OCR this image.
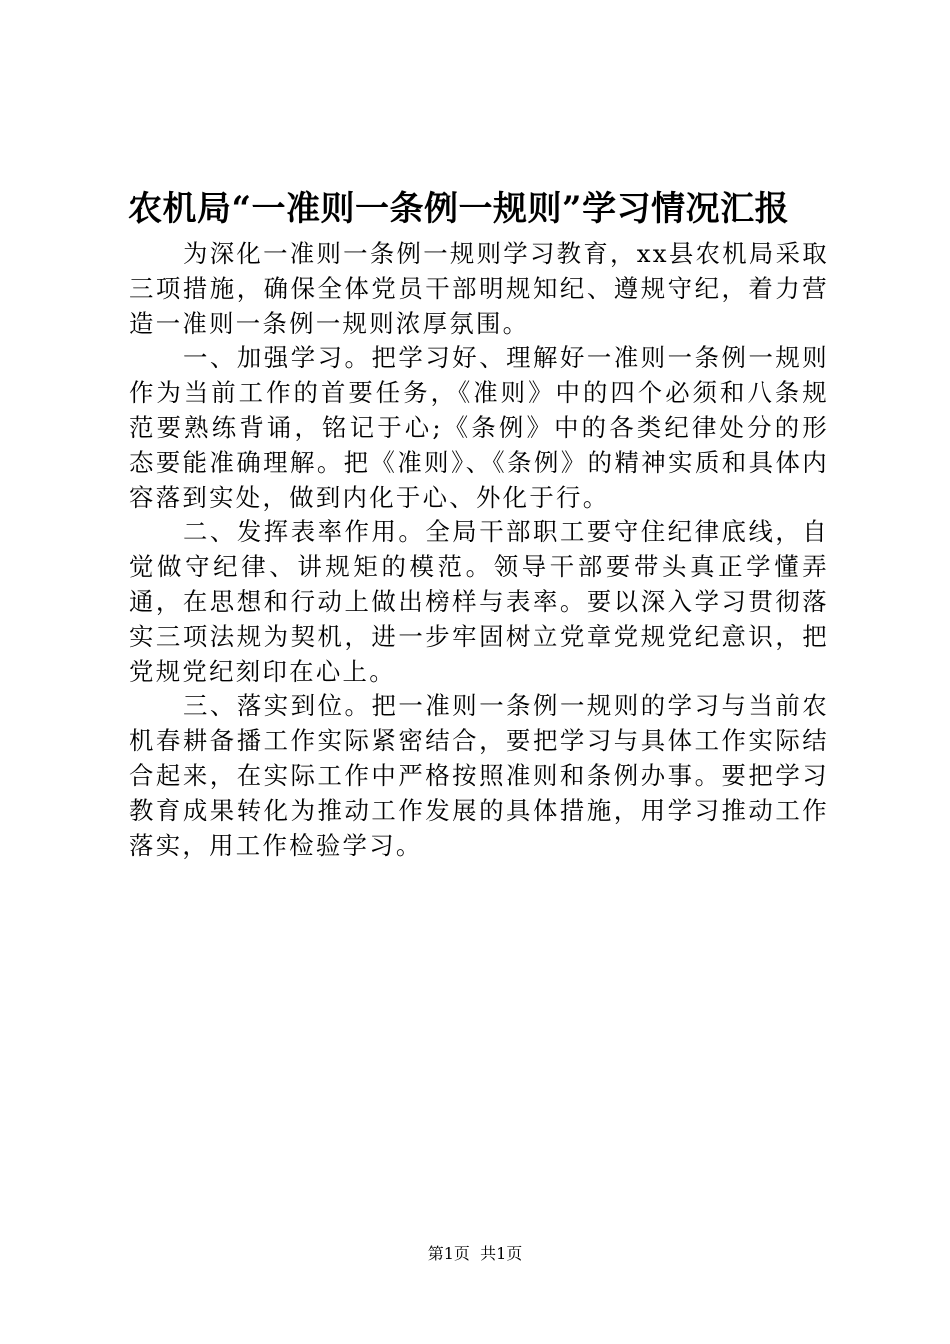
农机局“一准则一条例一规则”学习情况汇报

为深化一准则一条例一规则学习教育，xx县农机局采取三项措施，确保全体党员干部明规知纪、遵规守纪，着力营造一准则一条例一规则浓厚氛围。

一、加强学习。把学习好、理解好一准则一条例一规则作为当前工作的首要任务，《准则》中的四个必须和八条规范要熟练背诵，铭记于心;《条例》中的各类纪律处分的形态要能准确理解。把《准则》、《条例》的精神实质和具体内容落到实处，做到内化于心、外化于行。

二、发挥表率作用。全局干部职工要守住纪律底线，自觉做守纪律、讲规矩的模范。领导干部要带头真正学懂弄通，在思想和行动上做出榜样与表率。要以深入学习贯彻落实三项法规为契机，进一步牢固树立党章党规党纪意识，把党规党纪刻印在心上。

三、落实到位。把一准则一条例一规则的学习与当前农机春耕备播工作实际紧密结合，要把学习与具体工作实际结合起来，在实际工作中严格按照准则和条例办事。要把学习教育成果转化为推动工作发展的具体措施，用学习推动工作落实，用工作检验学习。

第1页  共1页
